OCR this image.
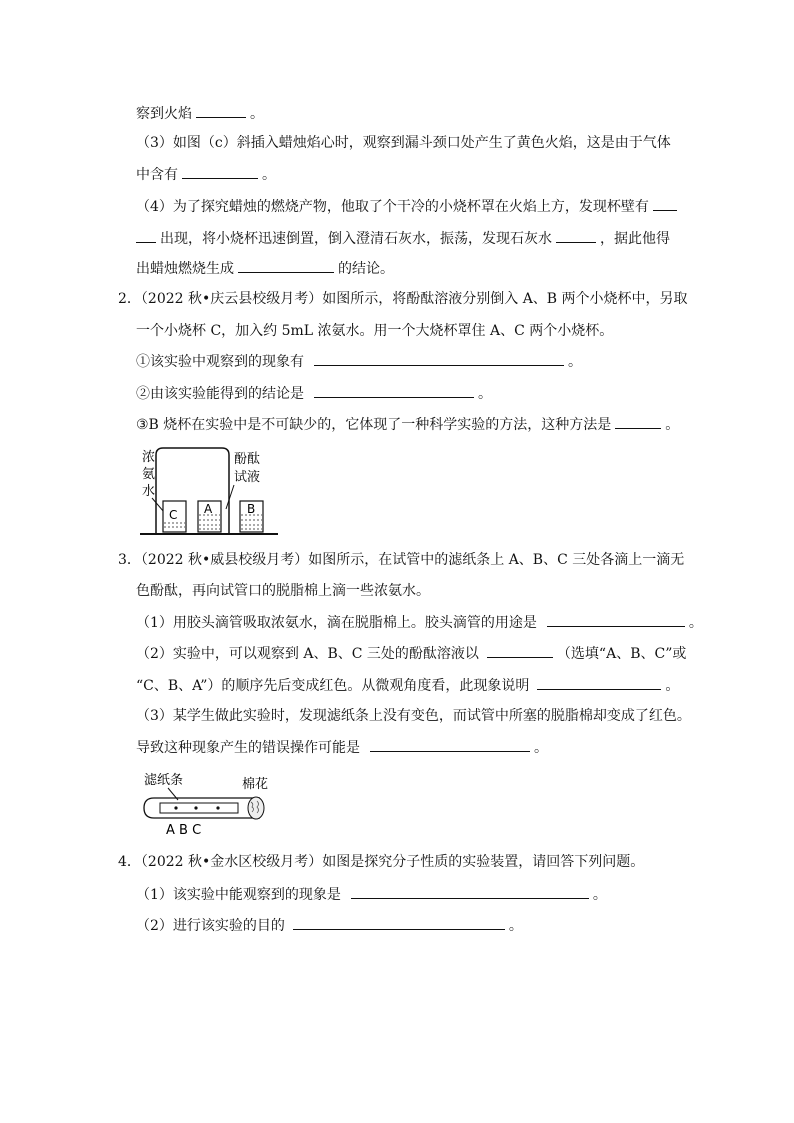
察到火焰	。
（3）如图（c）斜插入蜡烛焰心时，观察到漏斗颈口处产生了黄色火焰，这是由于气体
中含有	。
（4）为了探究蜡烛的燃烧产物，他取了个干冷的小烧杯罩在火焰上方，发现杯壁有
出现，将小烧杯迅速倒置，倒入澄清石灰水，振荡，发现石灰水	，据此他得
出蜡烛燃烧生成	的结论。
2．（2022 秋•庆云县校级月考）如图所示，将酚酞溶液分别倒入 A、B 两个小烧杯中，另取
一个小烧杯 C，加入约 5mL 浓氨水。用一个大烧杯罩住 A、C 两个小烧杯。
①该实验中观察到的现象有	。
②由该实验能得到的结论是	。
③B 烧杯在实验中是不可缺少的，它体现了一种科学实验的方法，这种方法是	。
浓
氨
水
酚酞
试液
C A	B
3．（2022 秋•威县校级月考）如图所示，在试管中的滤纸条上 A、B、C 三处各滴上一滴无
色酚酞，再向试管口的脱脂棉上滴一些浓氨水。
（1）用胶头滴管吸取浓氨水，滴在脱脂棉上。胶头滴管的用途是	。
（2）实验中，可以观察到 A、B、C 三处的酚酞溶液以	（选填“A、B、C”或
“C、B、A”）的顺序先后变成红色。从微观角度看，此现象说明	。
（3）某学生做此实验时，发现滤纸条上没有变色，而试管中所塞的脱脂棉却变成了红色。
导致这种现象产生的错误操作可能是	。
滤纸条	棉花
A B C
4．（2022 秋•金水区校级月考）如图是探究分子性质的实验装置，请回答下列问题。
（1）该实验中能观察到的现象是	。
（2）进行该实验的目的	。
